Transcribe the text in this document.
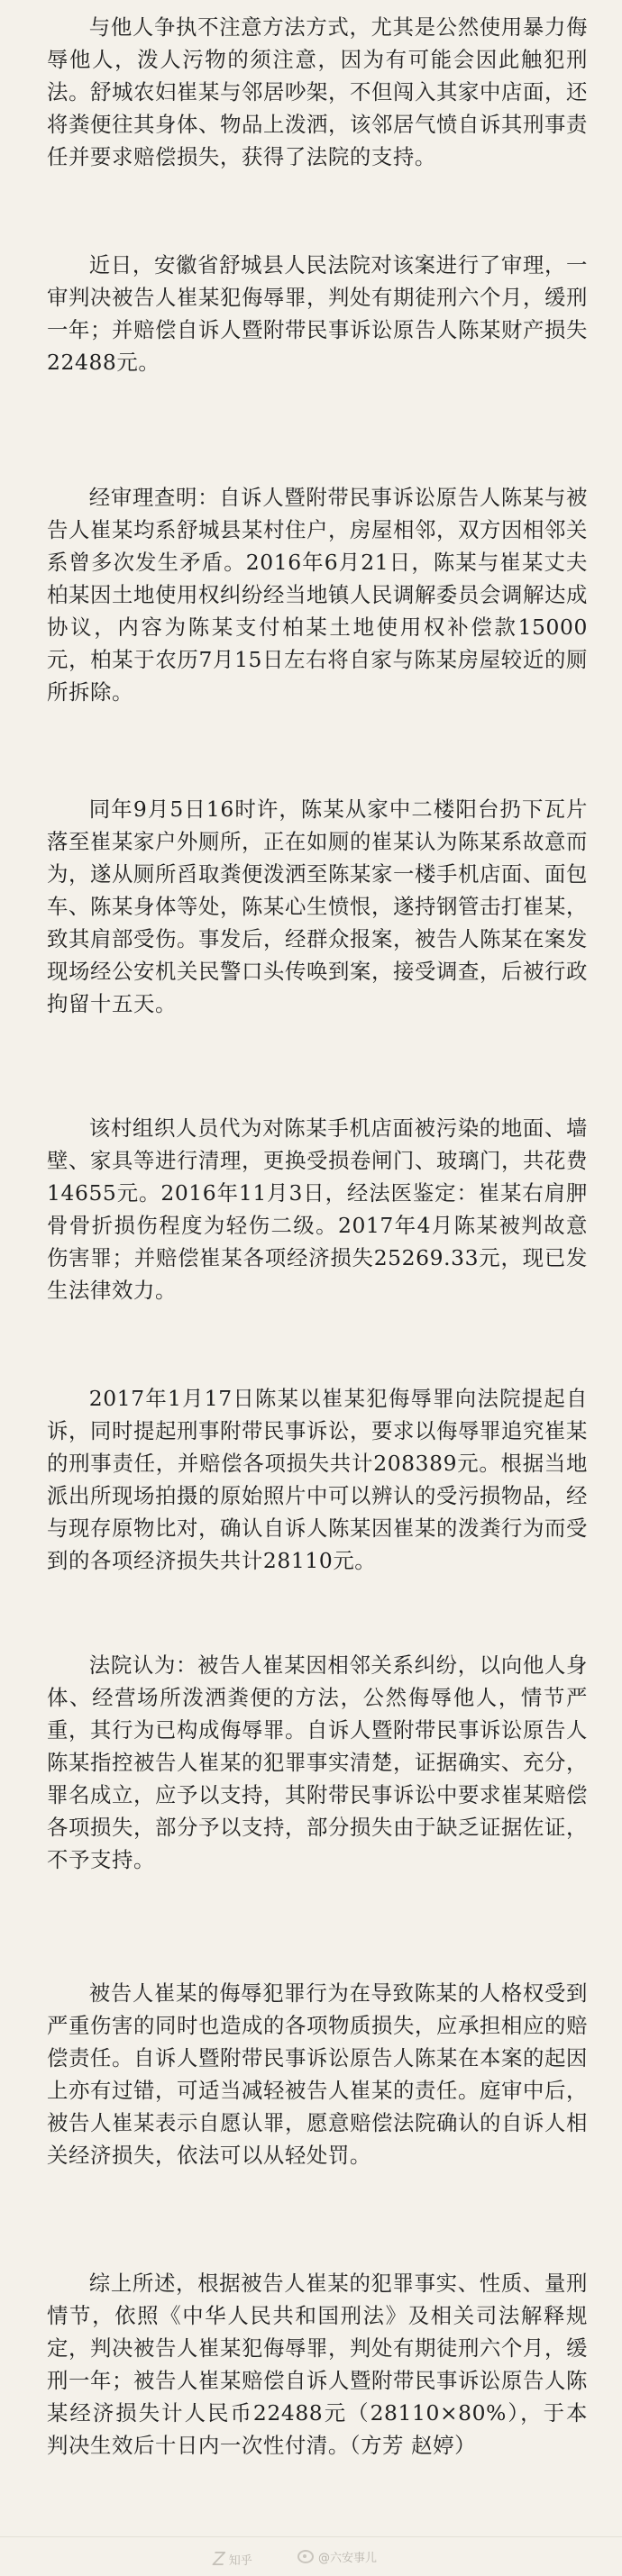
与他人争执不注意方法方式，尤其是公然使用暴力侮辱他人，泼人污物的须注意，因为有可能会因此触犯刑法。舒城农妇崔某与邻居吵架，不但闯入其家中店面，还将粪便往其身体、物品上泼洒，该邻居气愤自诉其刑事责任并要求赔偿损失，获得了法院的支持。

近日，安徽省舒城县人民法院对该案进行了审理，一审判决被告人崔某犯侮辱罪，判处有期徒刑六个月，缓刑一年；并赔偿自诉人暨附带民事诉讼原告人陈某财产损失22488元。

经审理查明：自诉人暨附带民事诉讼原告人陈某与被告人崔某均系舒城县某村住户，房屋相邻，双方因相邻关系曾多次发生矛盾。2016年6月21日，陈某与崔某丈夫柏某因土地使用权纠纷经当地镇人民调解委员会调解达成协议，内容为陈某支付柏某土地使用权补偿款15000元，柏某于农历7月15日左右将自家与陈某房屋较近的厕所拆除。

同年9月5日16时许，陈某从家中二楼阳台扔下瓦片落至崔某家户外厕所，正在如厕的崔某认为陈某系故意而为，遂从厕所舀取粪便泼洒至陈某家一楼手机店面、面包车、陈某身体等处，陈某心生愤恨，遂持钢管击打崔某，致其肩部受伤。事发后，经群众报案，被告人陈某在案发现场经公安机关民警口头传唤到案，接受调查，后被行政拘留十五天。

该村组织人员代为对陈某手机店面被污染的地面、墙壁、家具等进行清理，更换受损卷闸门、玻璃门，共花费14655元。2016年11月3日，经法医鉴定：崔某右肩胛骨骨折损伤程度为轻伤二级。2017年4月陈某被判故意伤害罪；并赔偿崔某各项经济损失25269.33元，现已发生法律效力。

2017年1月17日陈某以崔某犯侮辱罪向法院提起自诉，同时提起刑事附带民事诉讼，要求以侮辱罪追究崔某的刑事责任，并赔偿各项损失共计208389元。根据当地派出所现场拍摄的原始照片中可以辨认的受污损物品，经与现存原物比对，确认自诉人陈某因崔某的泼粪行为而受到的各项经济损失共计28110元。

法院认为：被告人崔某因相邻关系纠纷，以向他人身体、经营场所泼洒粪便的方法，公然侮辱他人，情节严重，其行为已构成侮辱罪。自诉人暨附带民事诉讼原告人陈某指控被告人崔某的犯罪事实清楚，证据确实、充分，罪名成立，应予以支持，其附带民事诉讼中要求崔某赔偿各项损失，部分予以支持，部分损失由于缺乏证据佐证，不予支持。

被告人崔某的侮辱犯罪行为在导致陈某的人格权受到严重伤害的同时也造成的各项物质损失，应承担相应的赔偿责任。自诉人暨附带民事诉讼原告人陈某在本案的起因上亦有过错，可适当减轻被告人崔某的责任。庭审中后，被告人崔某表示自愿认罪，愿意赔偿法院确认的自诉人相关经济损失，依法可以从轻处罚。

综上所述，根据被告人崔某的犯罪事实、性质、量刑情节，依照《中华人民共和国刑法》及相关司法解释规定，判决被告人崔某犯侮辱罪，判处有期徒刑六个月，缓刑一年；被告人崔某赔偿自诉人暨附带民事诉讼原告人陈某经济损失计人民币22488元（28110×80%），于本判决生效后十日内一次性付清。（方芳 赵婷）

Z 知乎	@六安事儿
